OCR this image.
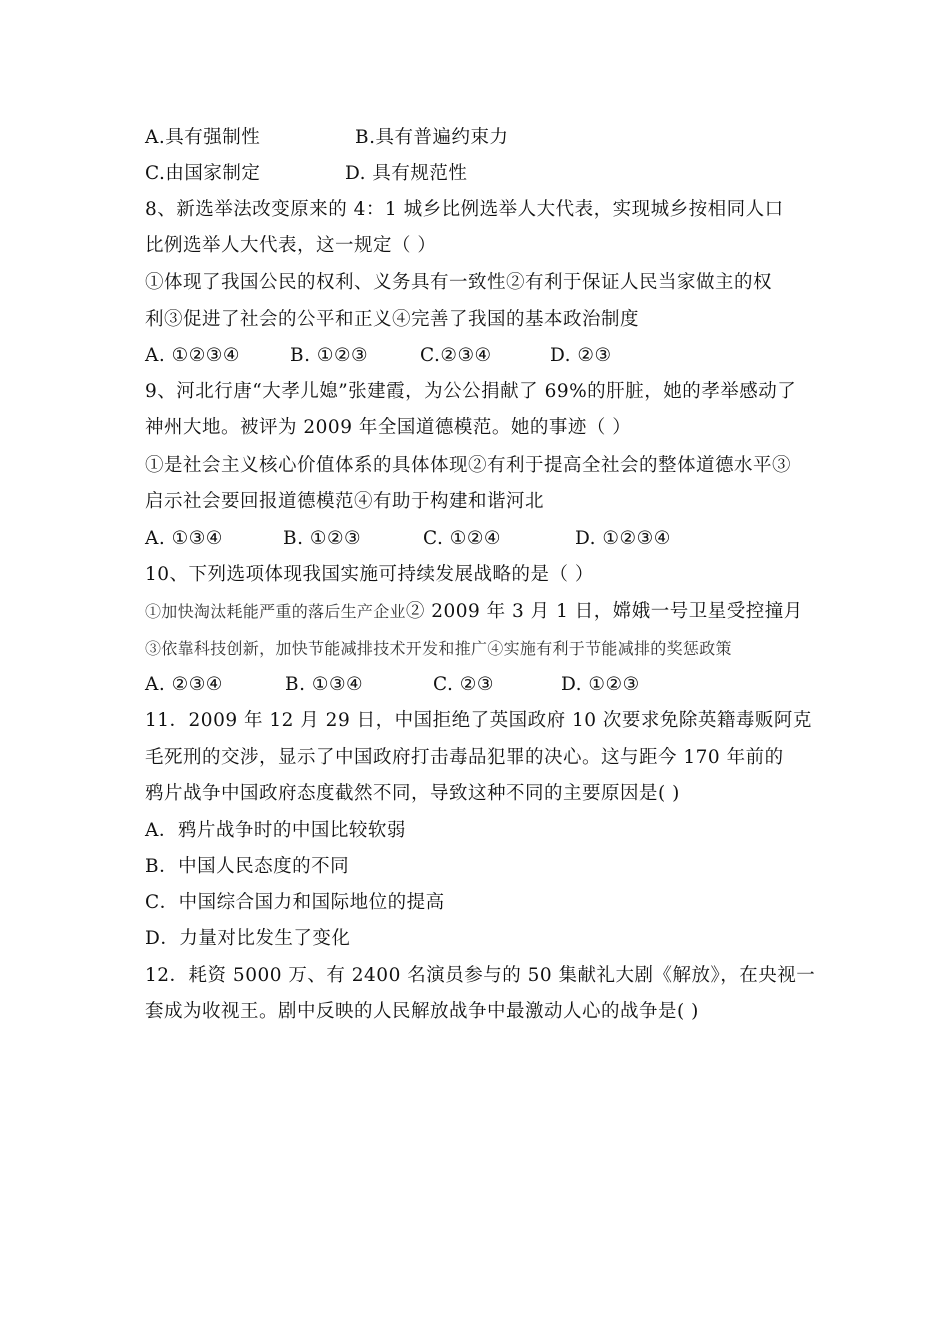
A.具有强制性	B.具有普遍约束力
C.由国家制定	D. 具有规范性
8、新选举法改变原来的 4：1 城乡比例选举人大代表，实现城乡按相同人口
比例选举人大代表，这一规定（ ）
①体现了我国公民的权利、义务具有一致性②有利于保证人民当家做主的权
利③促进了社会的公平和正义④完善了我国的基本政治制度
A. ①②③④	B. ①②③	C.②③④	D. ②③
9、河北行唐“大孝儿媳”张建霞，为公公捐献了 69%的肝脏，她的孝举感动了
神州大地。被评为 2009 年全国道德模范。她的事迹（ ）
①是社会主义核心价值体系的具体体现②有利于提高全社会的整体道德水平③
启示社会要回报道德模范④有助于构建和谐河北
A. ①③④	B. ①②③	C. ①②④	D. ①②③④
10、下列选项体现我国实施可持续发展战略的是（ ）
①加快淘汰耗能严重的落后生产企业② 2009 年 3 月 1 日，嫦娥一号卫星受控撞月
③依靠科技创新，加快节能减排技术开发和推广④实施有利于节能减排的奖惩政策
A. ②③④	B. ①③④	C. ②③	D. ①②③
11．2009 年 12 月 29 日，中国拒绝了英国政府 10 次要求免除英籍毒贩阿克
毛死刑的交涉，显示了中国政府打击毒品犯罪的决心。这与距今 170 年前的
鸦片战争中国政府态度截然不同，导致这种不同的主要原因是( )
A．鸦片战争时的中国比较软弱
B．中国人民态度的不同
C．中国综合国力和国际地位的提高
D．力量对比发生了变化
12．耗资 5000 万、有 2400 名演员参与的 50 集献礼大剧《解放》，在央视一
套成为收视王。剧中反映的人民解放战争中最激动人心的战争是( )
